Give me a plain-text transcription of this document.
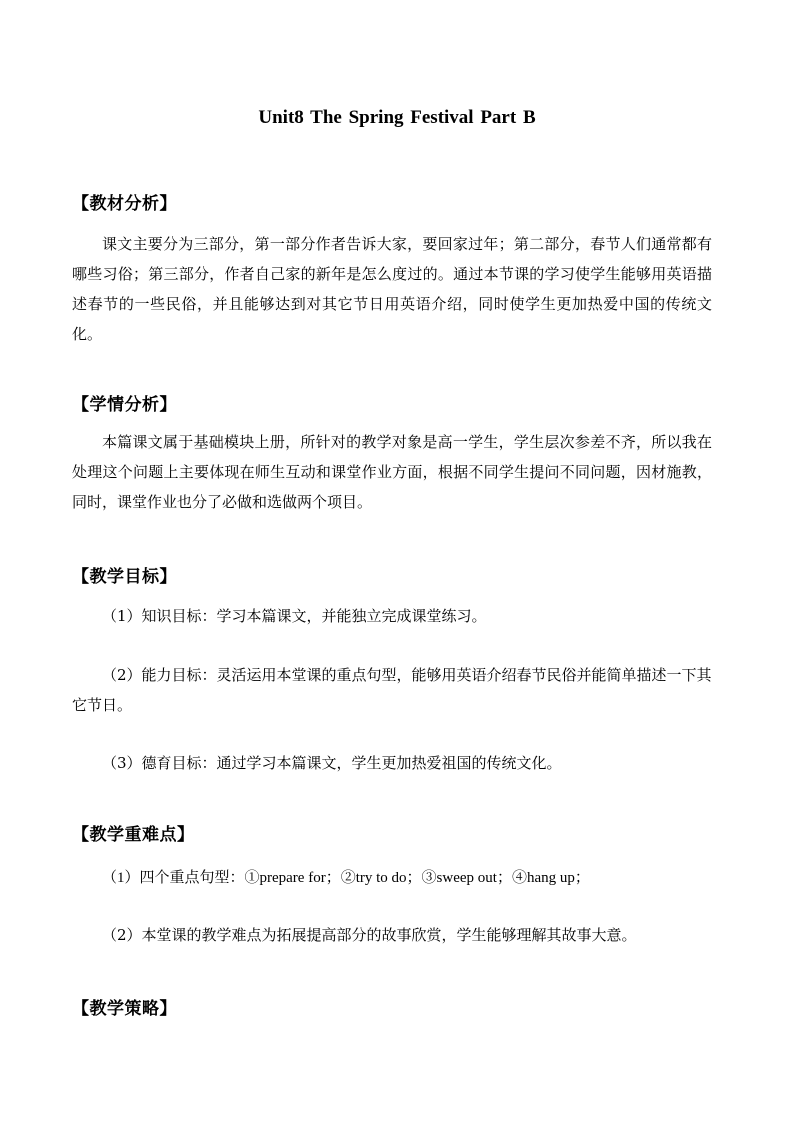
Unit8 The Spring Festival Part B
【教材分析】
课文主要分为三部分，第一部分作者告诉大家，要回家过年；第二部分，春节人们通常都有哪些习俗；第三部分，作者自己家的新年是怎么度过的。通过本节课的学习使学生能够用英语描述春节的一些民俗，并且能够达到对其它节日用英语介绍，同时使学生更加热爱中国的传统文化。
【学情分析】
本篇课文属于基础模块上册，所针对的教学对象是高一学生，学生层次参差不齐，所以我在处理这个问题上主要体现在师生互动和课堂作业方面，根据不同学生提问不同问题，因材施教，同时，课堂作业也分了必做和选做两个项目。
【教学目标】
（1）知识目标：学习本篇课文，并能独立完成课堂练习。
（2）能力目标：灵活运用本堂课的重点句型，能够用英语介绍春节民俗并能简单描述一下其它节日。
（3）德育目标：通过学习本篇课文，学生更加热爱祖国的传统文化。
【教学重难点】
（1）四个重点句型：①prepare for；②try to do；③sweep out；④hang up；
（2）本堂课的教学难点为拓展提高部分的故事欣赏，学生能够理解其故事大意。
【教学策略】
